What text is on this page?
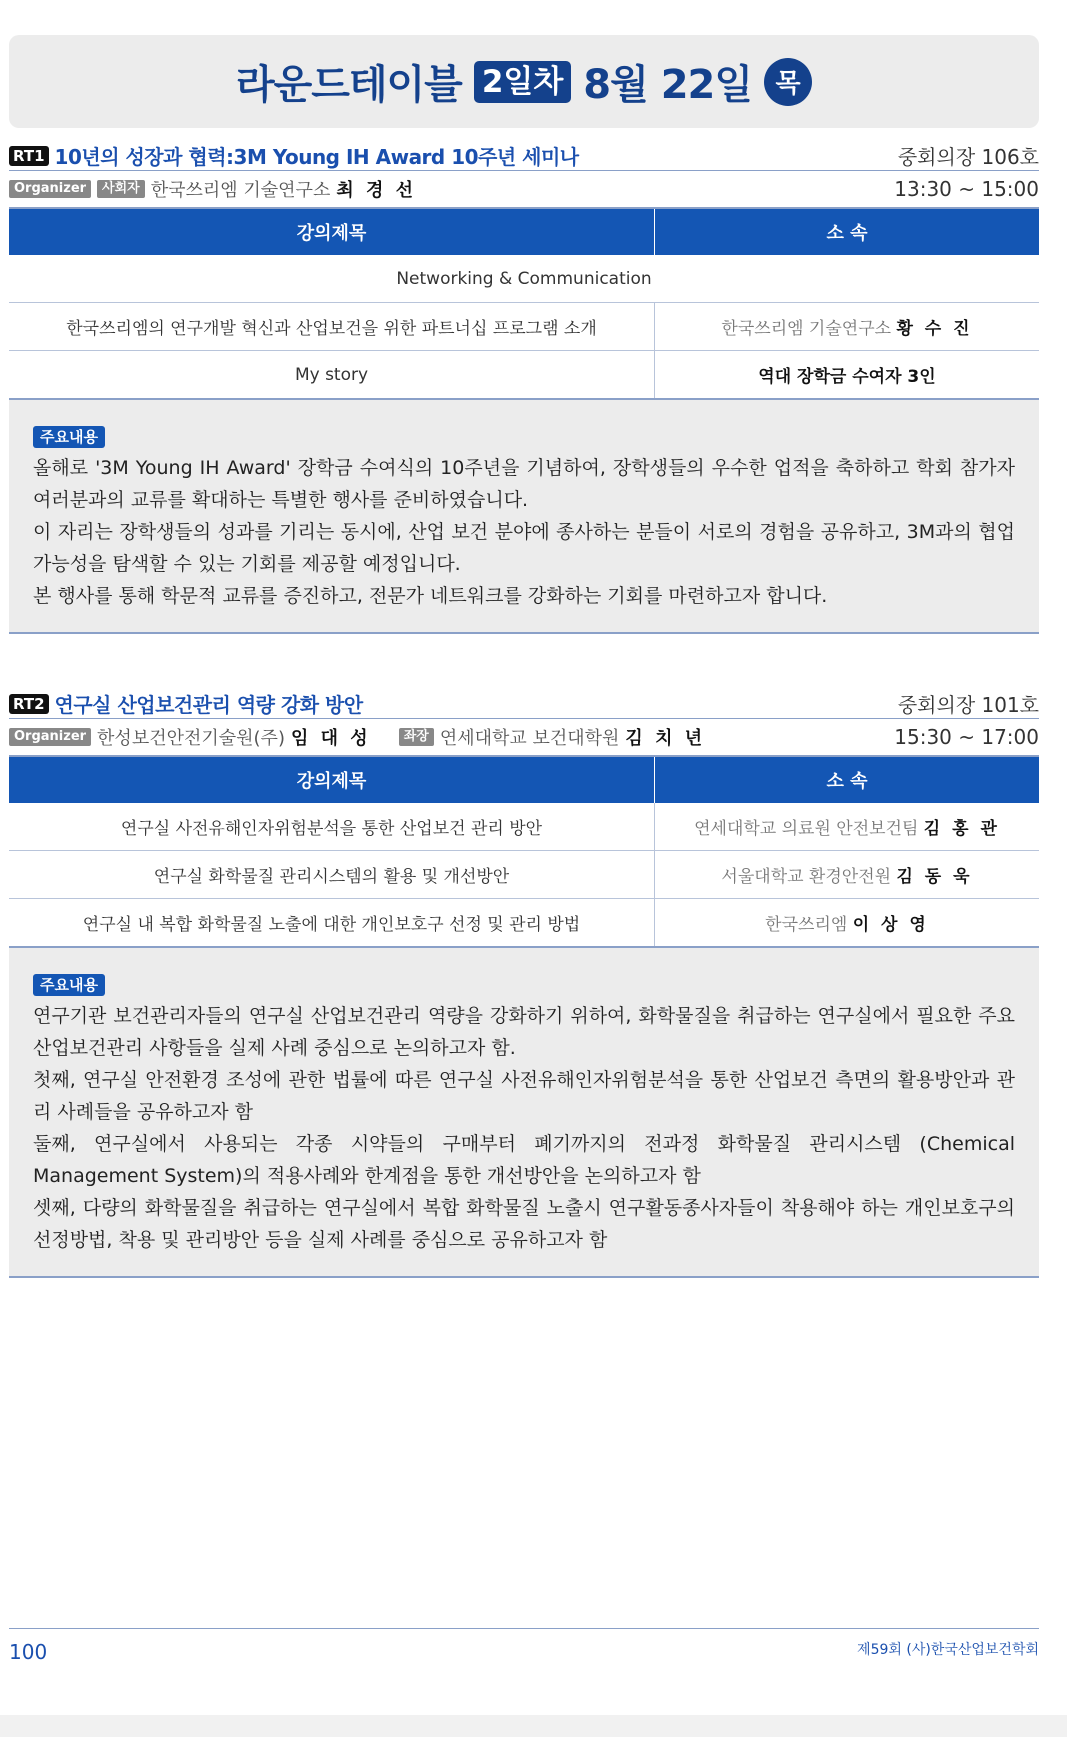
라운드테이블 2일차 8월 22일 목
RT1 10년의 성장과 협력:3M Young IH Award 10주년 세미나	중회의장 106호
Organizer	사회자 한국쓰리엠 기술연구소 최 경 선	13:30 ~ 15:00
강의제목	소 속
Networking & Communication	
한국쓰리엠의 연구개발 혁신과 산업보건을 위한 파트너십 프로그램 소개	한국쓰리엠 기술연구소 황 수 진
My story	역대 장학금 수여자 3인
주요내용

올해로 '3M Young IH Award' 장학금 수여식의 10주년을 기념하여, 장학생들의 우수한 업적을 축하하고 학회 참가자 여러분과의 교류를 확대하는 특별한 행사를 준비하였습니다.

이 자리는 장학생들의 성과를 기리는 동시에, 산업 보건 분야에 종사하는 분들이 서로의 경험을 공유하고, 3M과의 협업 가능성을 탐색할 수 있는 기회를 제공할 예정입니다.

본 행사를 통해 학문적 교류를 증진하고, 전문가 네트워크를 강화하는 기회를 마련하고자 합니다.

RT2 연구실 산업보건관리 역량 강화 방안	중회의장 101호
Organizer 한성보건안전기술원(주) 임 대 성	좌장 연세대학교 보건대학원 김 치 년	15:30 ~ 17:00
강의제목	소 속
연구실 사전유해인자위험분석을 통한 산업보건 관리 방안	연세대학교 의료원 안전보건팀 김 홍 관
연구실 화학물질 관리시스템의 활용 및 개선방안	서울대학교 환경안전원 김 동 욱
연구실 내 복합 화학물질 노출에 대한 개인보호구 선정 및 관리 방법	한국쓰리엠 이 상 영
주요내용

연구기관 보건관리자들의 연구실 산업보건관리 역량을 강화하기 위하여, 화학물질을 취급하는 연구실에서 필요한 주요 산업보건관리 사항들을 실제 사례 중심으로 논의하고자 함.

첫째, 연구실 안전환경 조성에 관한 법률에 따른 연구실 사전유해인자위험분석을 통한 산업보건 측면의 활용방안과 관리 사례들을 공유하고자 함

둘째, 연구실에서 사용되는 각종 시약들의 구매부터 폐기까지의 전과정 화학물질 관리시스템 (Chemical Management System)의 적용사례와 한계점을 통한 개선방안을 논의하고자 함

셋째, 다량의 화학물질을 취급하는 연구실에서 복합 화학물질 노출시 연구활동종사자들이 착용해야 하는 개인보호구의 선정방법, 착용 및 관리방안 등을 실제 사례를 중심으로 공유하고자 함

100	제59회 (사)한국산업보건학회
